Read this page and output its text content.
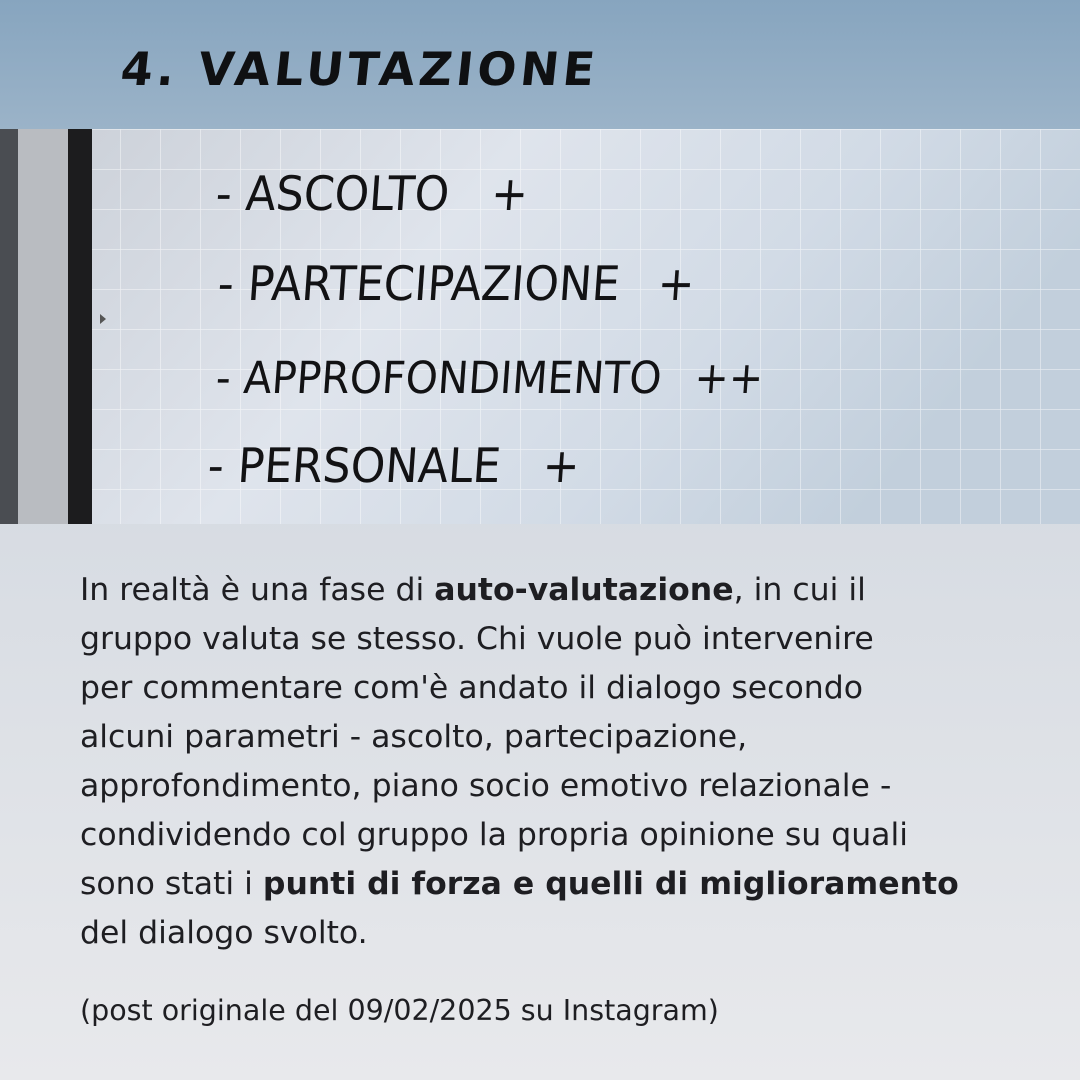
4. VALUTAZIONE
- ASCOLTO +
- PARTECIPAZIONE +
- APPROFONDIMENTO ++
- PERSONALE +
In realtà è una fase di auto-valutazione, in cui il
gruppo valuta se stesso. Chi vuole può intervenire
per commentare com'è andato il dialogo secondo
alcuni parametri - ascolto, partecipazione,
approfondimento, piano socio emotivo relazionale -
condividendo col gruppo la propria opinione su quali
sono stati i punti di forza e quelli di miglioramento
del dialogo svolto.
(post originale del 09/02/2025 su Instagram)
